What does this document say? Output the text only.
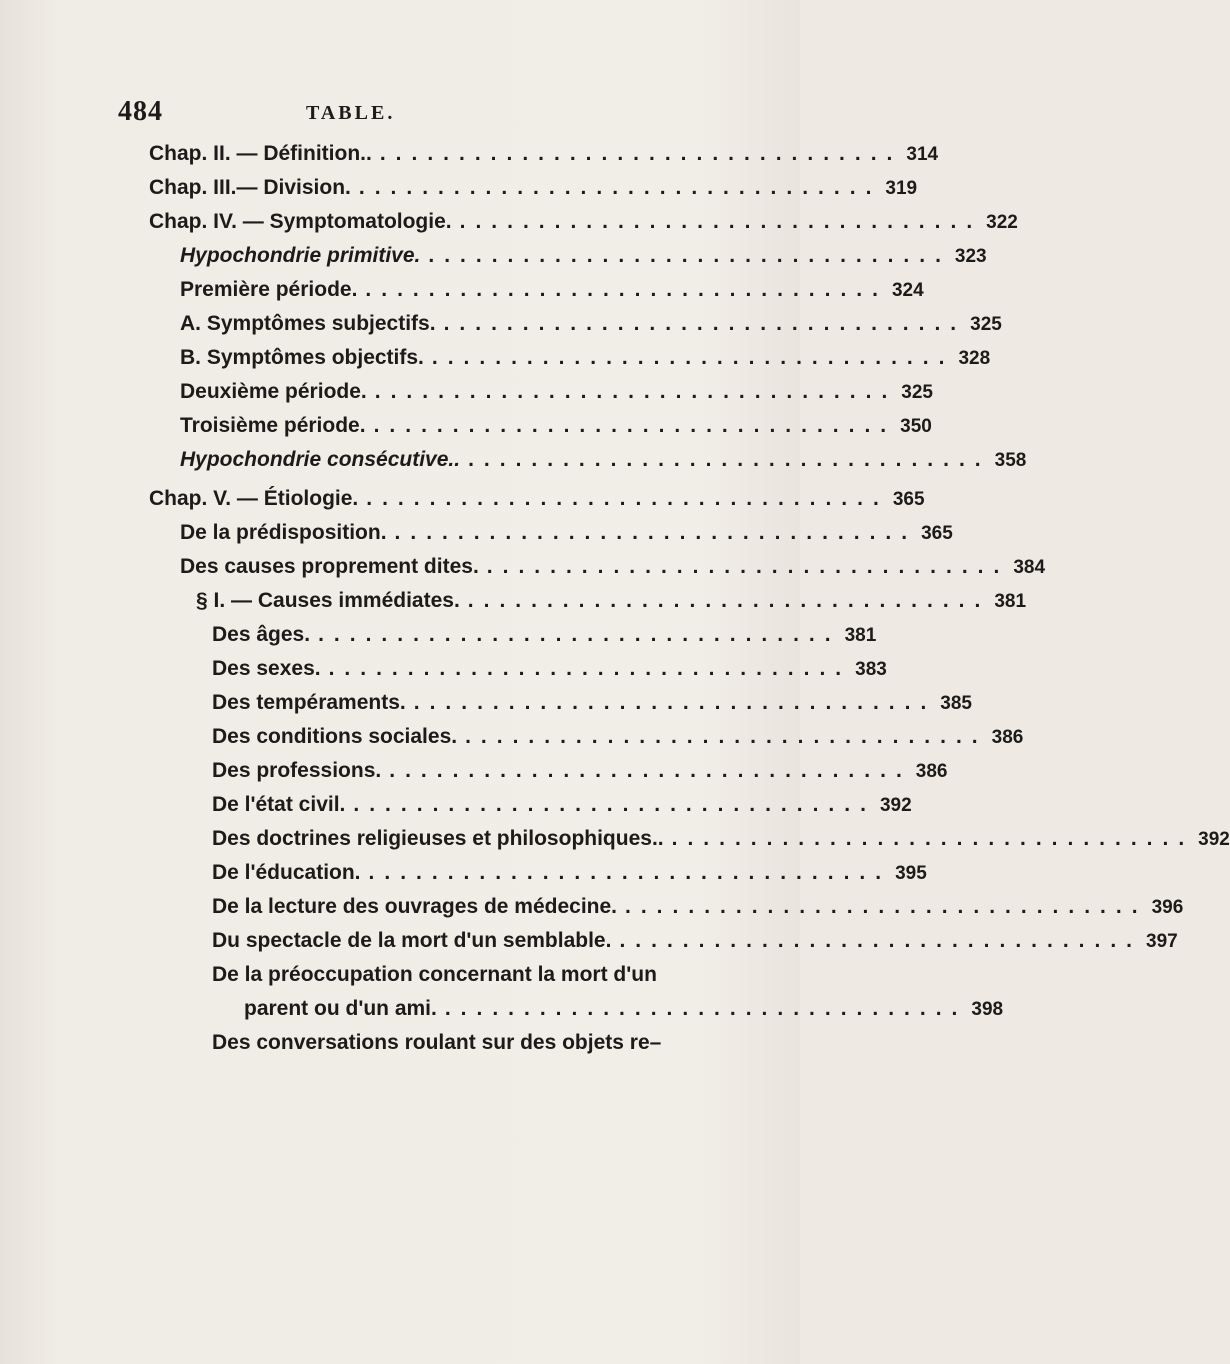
484	TABLE.
Chap. II. — Définition.. ................................. 314
Chap. III.— Division. ................................. 319
Chap. IV. — Symptomatologie. ................................. 322
Hypochondrie primitive. ................................. 323
Première période. ................................. 324
A. Symptômes subjectifs. ................................. 325
B. Symptômes objectifs. ................................. 328
Deuxième période. ................................. 325
Troisième période. ................................. 350
Hypochondrie consécutive.. ................................. 358
Chap. V. — Étiologie. ................................. 365
De la prédisposition. ................................. 365
Des causes proprement dites. ................................. 384
§ I. — Causes immédiates. ................................. 381
Des âges. ................................. 381
Des sexes. ................................. 383
Des tempéraments. ................................. 385
Des conditions sociales. ................................. 386
Des professions. ................................. 386
De l'état civil. ................................. 392
Des doctrines religieuses et philosophiques.. ................................. 392
De l'éducation. ................................. 395
De la lecture des ouvrages de médecine. ................................. 396
Du spectacle de la mort d'un semblable. ................................. 397
De la préoccupation concernant la mort d'un
parent ou d'un ami. ................................. 398
Des conversations roulant sur des objets re–
